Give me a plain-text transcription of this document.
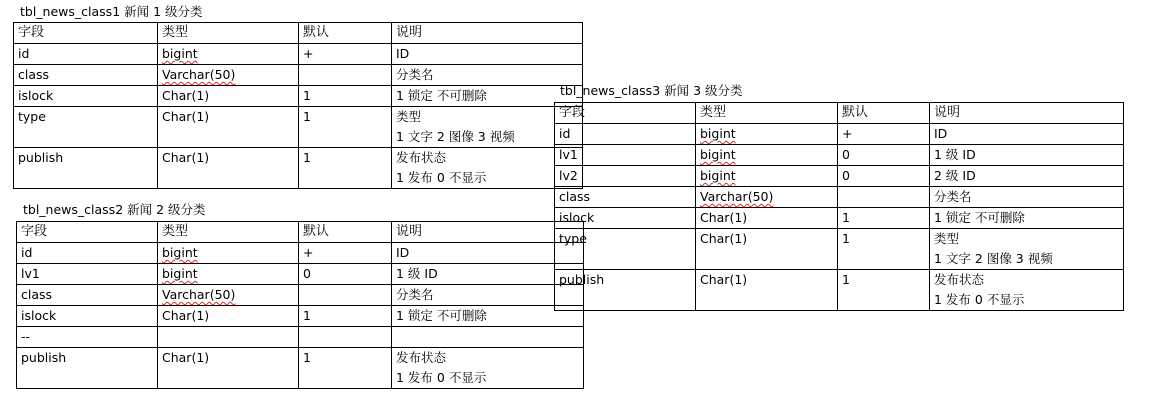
tbl_news_class1 新闻 1 级分类
字段	类型	默认	说明
id	bigint	+	ID

class	Varchar(50)		分类名

islock	Char(1)	1	1 锁定 不可删除

type	Char(1)	1	类型
1 文字 2 图像 3 视频

publish	Char(1)	1	发布状态
1 发布 0 不显示
tbl_news_class2 新闻 2 级分类
字段	类型	默认	说明
id	bigint	+	ID

lv1	bigint	0	1 级 ID

class	Varchar(50)		分类名

islock	Char(1)	1	1 锁定 不可删除

--			

publish	Char(1)	1	发布状态
1 发布 0 不显示
tbl_news_class3 新闻 3 级分类
字段	类型	默认	说明
id	bigint	+	ID

lv1	bigint	0	1 级 ID

lv2	bigint	0	2 级 ID

class	Varchar(50)		分类名

islock	Char(1)	1	1 锁定 不可删除

type	Char(1)	1	类型
1 文字 2 图像 3 视频

publish	Char(1)	1	发布状态
1 发布 0 不显示
